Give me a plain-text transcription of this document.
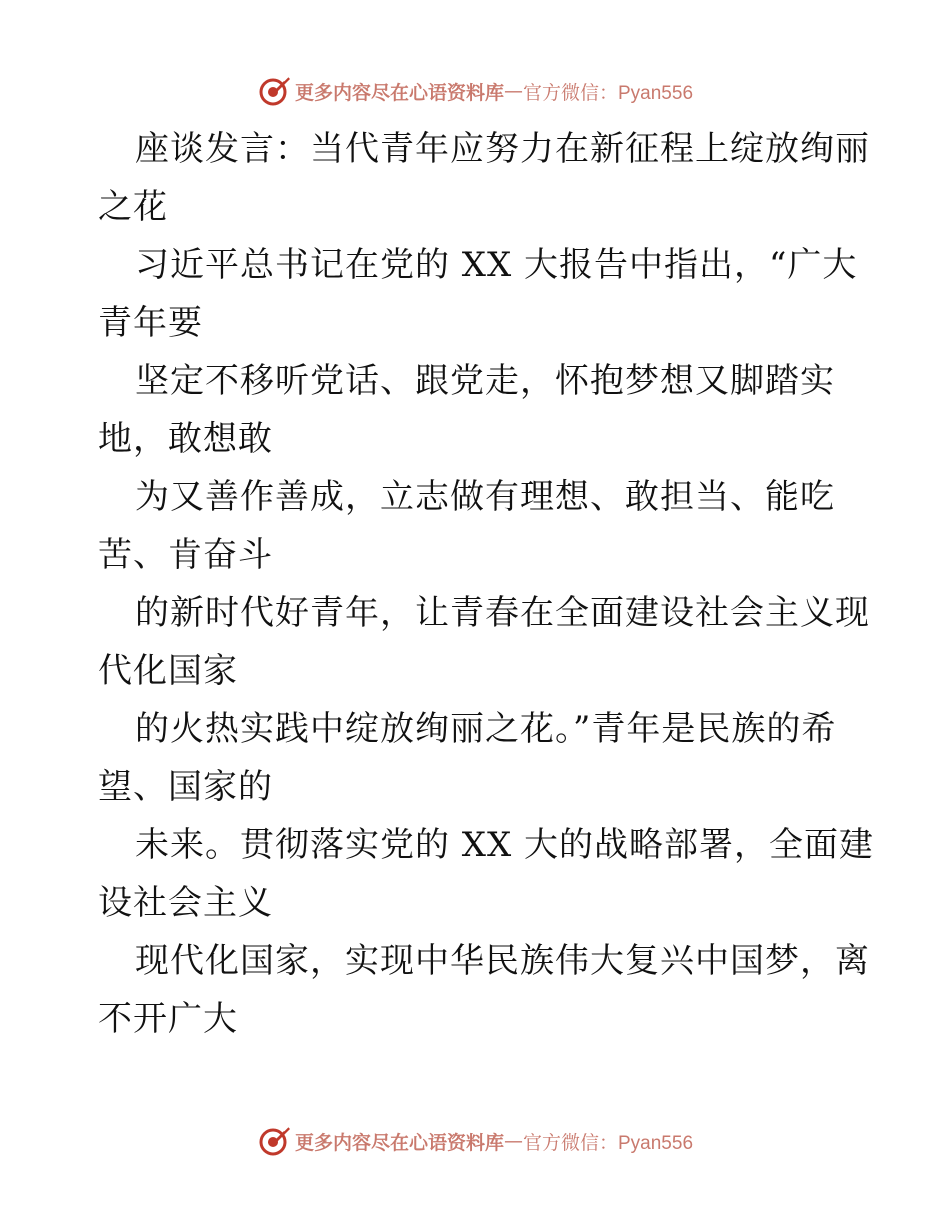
更多内容尽在心语资料库 — 官方微信：Pyan556
座谈发言：当代青年应努力在新征程上绽放绚丽
之花
习近平总书记在党的 XX 大报告中指出，“广大
青年要
坚定不移听党话、跟党走，怀抱梦想又脚踏实
地，敢想敢
为又善作善成，立志做有理想、敢担当、能吃
苦、肯奋斗
的新时代好青年，让青春在全面建设社会主义现
代化国家
的火热实践中绽放绚丽之花。”青年是民族的希
望、国家的
未来。贯彻落实党的 XX 大的战略部署，全面建
设社会主义
现代化国家，实现中华民族伟大复兴中国梦，离
不开广大
更多内容尽在心语资料库 — 官方微信：Pyan556
